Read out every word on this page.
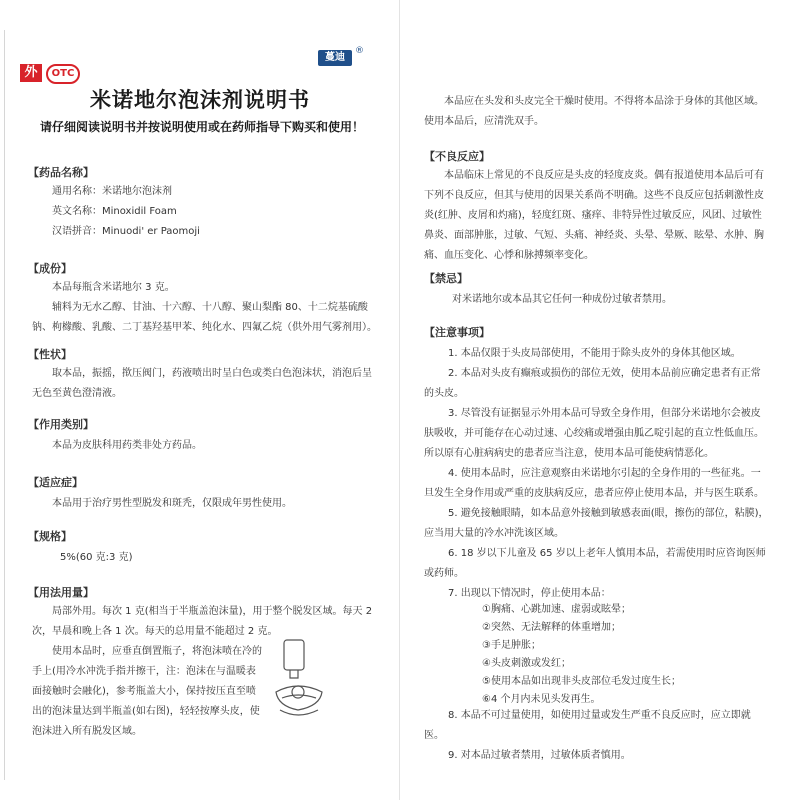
外	OTC
蔓迪
®
米诺地尔泡沫剂说明书
请仔细阅读说明书并按说明使用或在药师指导下购买和使用！
【药品名称】
通用名称：米诺地尔泡沫剂
英文名称：Minoxidil Foam
汉语拼音：Minuodi' er Paomoji
【成份】
本品每瓶含米诺地尔 3 克。
辅料为无水乙醇、甘油、十六醇、十八醇、聚山梨酯 80、十二烷基硫酸钠、枸橼酸、乳酸、二丁基羟基甲苯、纯化水、四氟乙烷（供外用气雾剂用）。
【性状】
取本品，振摇，揿压阀门，药液喷出时呈白色或类白色泡沫状，消泡后呈无色至黄色澄清液。
【作用类别】
本品为皮肤科用药类非处方药品。
【适应症】
本品用于治疗男性型脱发和斑秃，仅限成年男性使用。
【规格】
5%(60 克:3 克)
【用法用量】
局部外用。每次 1 克(相当于半瓶盖泡沫量)，用于整个脱发区域。每天 2 次，早晨和晚上各 1 次。每天的总用量不能超过 2 克。
使用本品时，应垂直倒置瓶子，将泡沫喷在冷的手上(用冷水冲洗手指并擦干，注：泡沫在与温暖表面接触时会融化)，参考瓶盖大小，保持按压直至喷出的泡沫量达到半瓶盖(如右图)，轻轻按摩头皮，使泡沫进入所有脱发区域。
本品应在头发和头皮完全干燥时使用。不得将本品涂于身体的其他区域。使用本品后，应清洗双手。
【不良反应】
本品临床上常见的不良反应是头皮的轻度皮炎。偶有报道使用本品后可有下列不良反应，但其与使用的因果关系尚不明确。这些不良反应包括刺激性皮炎(红肿、皮屑和灼痛)，轻度红斑、瘙痒、非特异性过敏反应，风团、过敏性鼻炎、面部肿胀，过敏、气短、头痛、神经炎、头晕、晕厥、眩晕、水肿、胸痛、血压变化、心悸和脉搏频率变化。
【禁忌】
对米诺地尔或本品其它任何一种成份过敏者禁用。
【注意事项】
1. 本品仅限于头皮局部使用，不能用于除头皮外的身体其他区域。
2. 本品对头皮有癫痕或损伤的部位无效，使用本品前应确定患者有正常的头皮。
3. 尽管没有证据显示外用本品可导致全身作用，但部分米诺地尔会被皮肤吸收，并可能存在心动过速、心绞痛或增强由胍乙啶引起的直立性低血压。所以原有心脏病病史的患者应当注意，使用本品可能使病情恶化。
4. 使用本品时，应注意观察由米诺地尔引起的全身作用的一些征兆。一旦发生全身作用或严重的皮肤病反应，患者应停止使用本品，并与医生联系。
5. 避免接触眼睛，如本品意外接触到敏感表面(眼，擦伤的部位，粘膜)，应当用大量的冷水冲洗该区域。
6. 18 岁以下儿童及 65 岁以上老年人慎用本品，若需使用时应咨询医师或药师。
7. 出现以下情况时，停止使用本品：
①胸痛、心跳加速、虚弱或眩晕；
②突然、无法解释的体重增加；
③手足肿胀；
④头皮刺激或发红；
⑤使用本品如出现非头皮部位毛发过度生长；
⑥4 个月内未见头发再生。
8. 本品不可过量使用，如使用过量或发生严重不良反应时，应立即就医。
9. 对本品过敏者禁用，过敏体质者慎用。
